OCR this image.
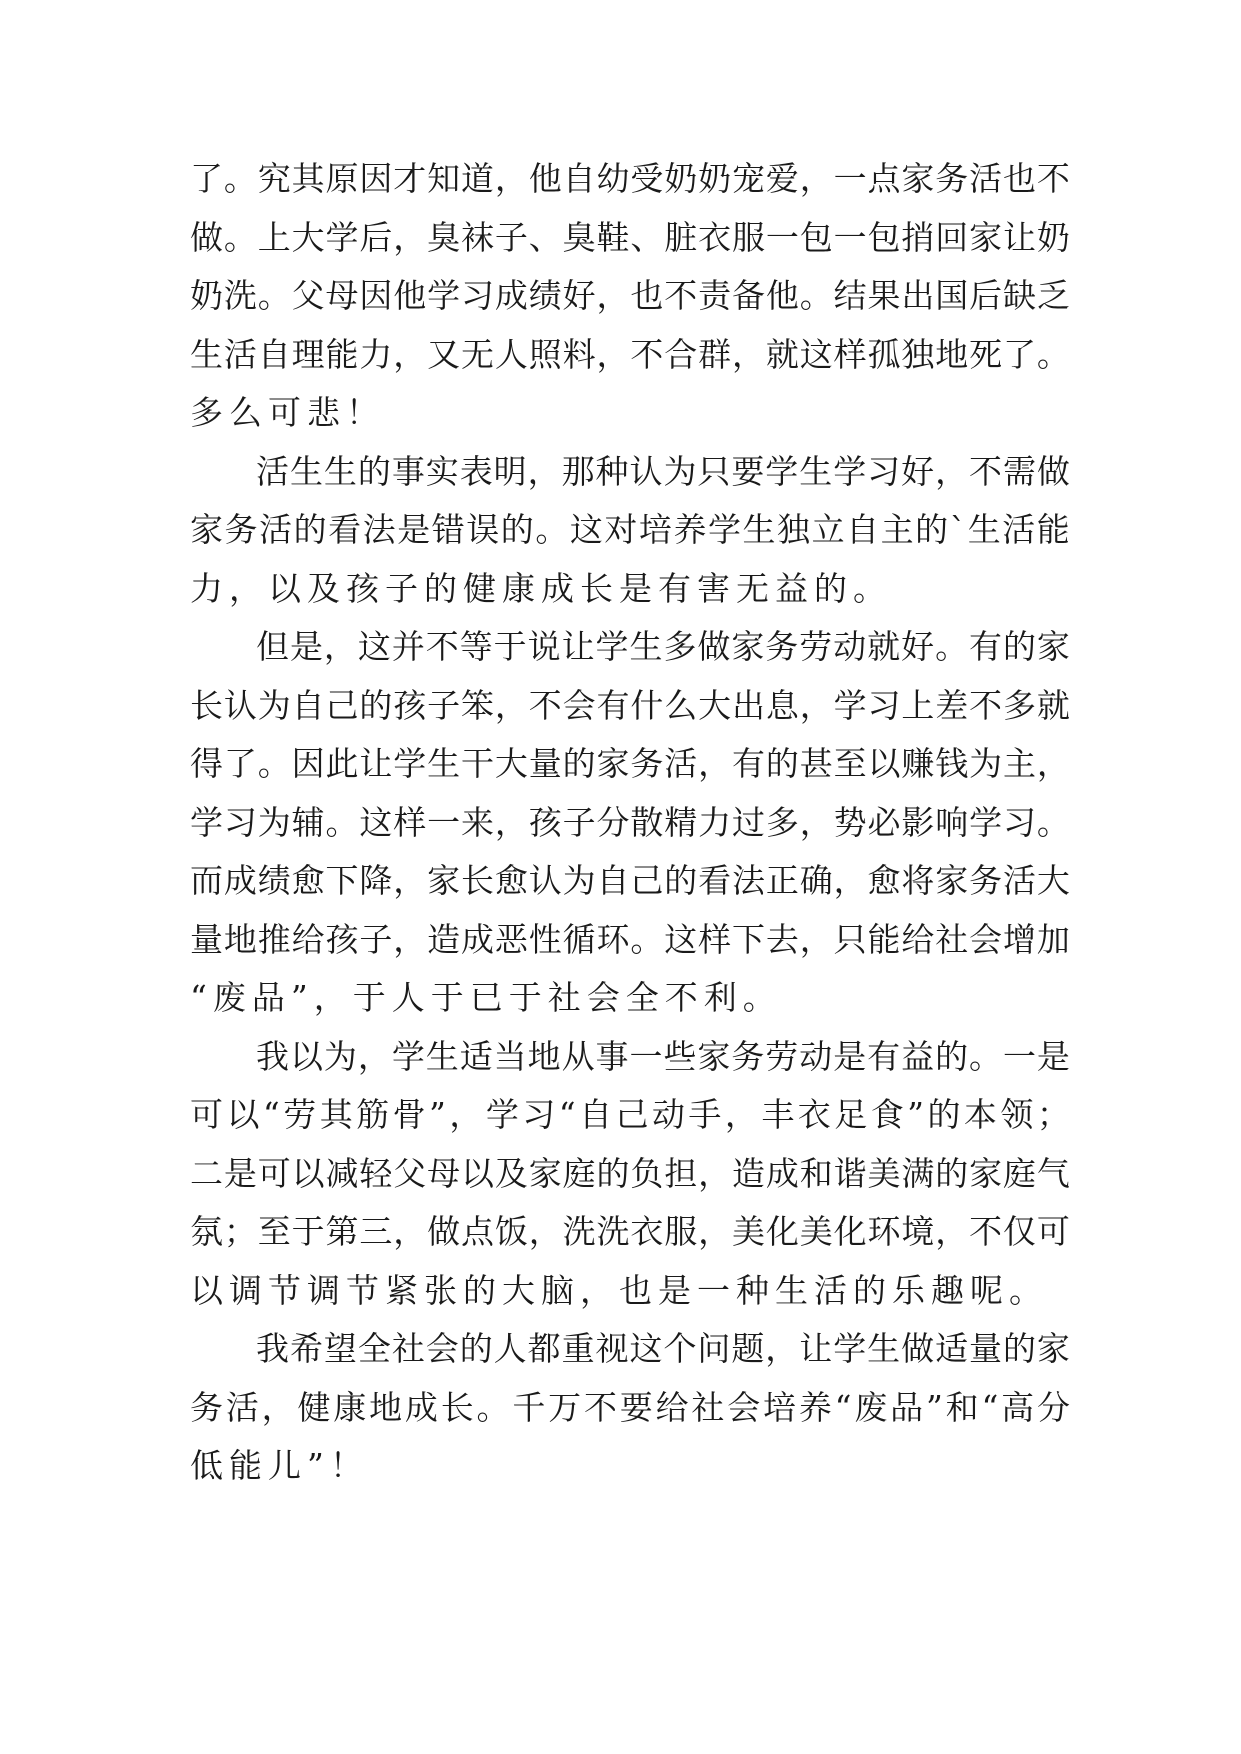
了 。 究 其 原 因 才 知 道 ， 他 自 幼 受 奶 奶 宠 爱 ， 一 点 家 务 活 也 不
做 。 上 大 学 后 ， 臭 袜 子 、 臭 鞋 、 脏 衣 服 一 包 一 包 捎 回 家 让 奶
奶 洗 。 父 母 因 他 学 习 成 绩 好 ， 也 不 责 备 他 。 结 果 出 国 后 缺 乏
生 活 自 理 能 力 ， 又 无 人 照 料 ， 不 合 群 ， 就 这 样 孤 独 地 死 了 。
多么可悲！
活 生 生 的 事 实 表 明 ， 那 种 认 为 只 要 学 生 学 习 好 ， 不 需 做
家 务 活 的 看 法 是 错 误 的 。 这 对 培 养 学 生 独 立 自 主 的 ` 生 活 能
力，以及孩子的健康成长是有害无益的。
但 是 ， 这 并 不 等 于 说 让 学 生 多 做 家 务 劳 动 就 好 。 有 的 家
长 认 为 自 己 的 孩 子 笨 ， 不 会 有 什 么 大 出 息 ， 学 习 上 差 不 多 就
得 了 。 因 此 让 学 生 干 大 量 的 家 务 活 ， 有 的 甚 至 以 赚 钱 为 主 ，
学 习 为 辅 。 这 样 一 来 ， 孩 子 分 散 精 力 过 多 ， 势 必 影 响 学 习 。
而 成 绩 愈 下 降 ， 家 长 愈 认 为 自 己 的 看 法 正 确 ， 愈 将 家 务 活 大
量 地 推 给 孩 子 ， 造 成 恶 性 循 环 。 这 样 下 去 ， 只 能 给 社 会 增 加
“废品”，于人于已于社会全不利。
我 以 为 ， 学 生 适 当 地 从 事 一 些 家 务 劳 动 是 有 益 的 。 一 是
可 以 “ 劳 其 筋 骨 ” ， 学 习 “ 自 己 动 手 ， 丰 衣 足 食 ” 的 本 领 ；
二 是 可 以 减 轻 父 母 以 及 家 庭 的 负 担 ， 造 成 和 谐 美 满 的 家 庭 气
氛 ； 至 于 第 三 ， 做 点 饭 ， 洗 洗 衣 服 ， 美 化 美 化 环 境 ， 不 仅 可
以调节调节紧张的大脑，也是一种生活的乐趣呢。
我 希 望 全 社 会 的 人 都 重 视 这 个 问 题 ， 让 学 生 做 适 量 的 家
务 活 ， 健 康 地 成 长 。 千 万 不 要 给 社 会 培 养 “ 废 品 ” 和 “ 高 分
低能儿”！
